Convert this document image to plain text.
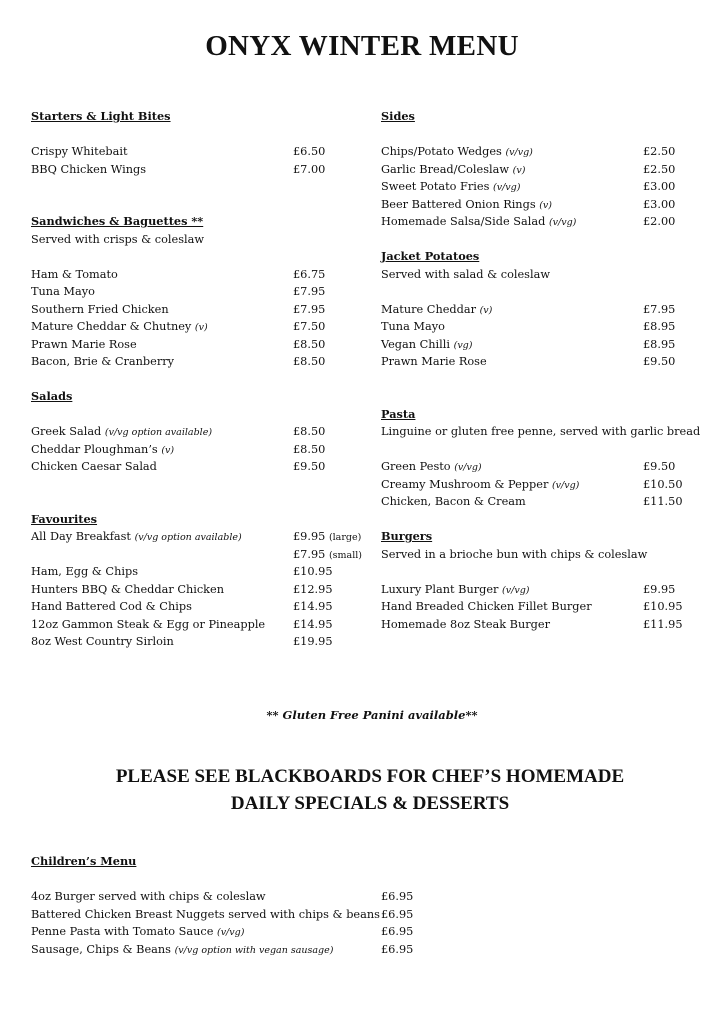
ONYX WINTER MENU
Starters & Light Bites
Crispy Whitebait	£6.50
BBQ Chicken Wings	£7.00
Sandwiches & Baguettes **
Served with crisps & coleslaw
Ham & Tomato	£6.75
Tuna Mayo	£7.95
Southern Fried Chicken	£7.95
Mature Cheddar & Chutney (v)	£7.50
Prawn Marie Rose	£8.50
Bacon, Brie & Cranberry	£8.50
Salads
Greek Salad (v/vg option available)	£8.50
Cheddar Ploughman’s (v)	£8.50
Chicken Caesar Salad	£9.50
Favourites
All Day Breakfast (v/vg option available)	£9.95 (large)
£7.95 (small)
Ham, Egg & Chips	£10.95
Hunters BBQ & Cheddar Chicken	£12.95
Hand Battered Cod & Chips	£14.95
12oz Gammon Steak & Egg or Pineapple £14.95
8oz West Country Sirloin	£19.95
Sides
Chips/Potato Wedges (v/vg)	£2.50
Garlic Bread/Coleslaw (v)	£2.50
Sweet Potato Fries (v/vg)	£3.00
Beer Battered Onion Rings (v)	£3.00
Homemade Salsa/Side Salad (v/vg)	£2.00
Jacket Potatoes
Served with salad & coleslaw
Mature Cheddar (v)	£7.95
Tuna Mayo	£8.95
Vegan Chilli (vg)	£8.95
Prawn Marie Rose	£9.50
Pasta
Linguine or gluten free penne, served with garlic bread
Green Pesto (v/vg)	£9.50
Creamy Mushroom & Pepper (v/vg)	£10.50
Chicken, Bacon & Cream	£11.50
Burgers
Served in a brioche bun with chips & coleslaw
Luxury Plant Burger (v/vg)	£9.95
Hand Breaded Chicken Fillet Burger	£10.95
Homemade 8oz Steak Burger	£11.95
** Gluten Free Panini available**
PLEASE SEE BLACKBOARDS FOR CHEF’S HOMEMADE
DAILY SPECIALS & DESSERTS
Children’s Menu
4oz Burger served with chips & coleslaw	£6.95
Battered Chicken Breast Nuggets served with chips & beans £6.95
Penne Pasta with Tomato Sauce (v/vg)	£6.95
Sausage, Chips & Beans (v/vg option with vegan sausage)	£6.95
